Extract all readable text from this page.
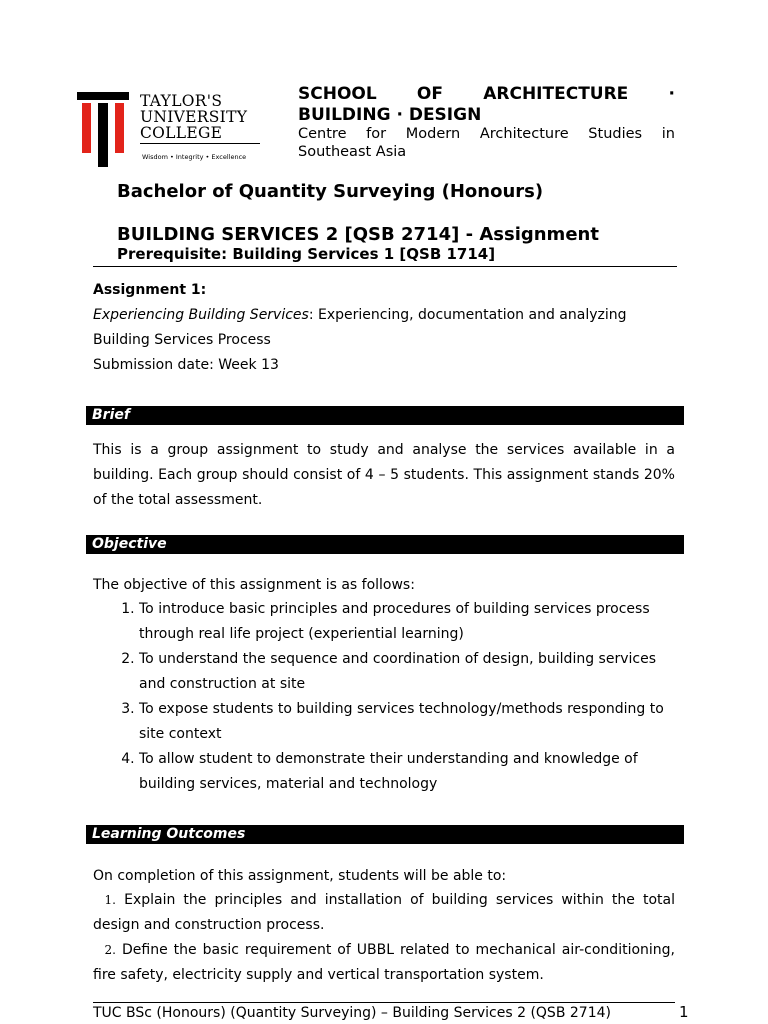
TAYLOR'S
UNIVERSITY
COLLEGE
Wisdom • Integrity • Excellence
SCHOOL OF ARCHITECTURE ·
BUILDING · DESIGN
Centre for Modern Architecture Studies in
Southeast Asia
Bachelor of Quantity Surveying (Honours)
BUILDING SERVICES 2 [QSB 2714] - Assignment
Prerequisite: Building Services 1 [QSB 1714]
Assignment 1:
Experiencing Building Services: Experiencing, documentation and analyzing
Building Services Process
Submission date: Week 13
Brief
This is a group assignment to study and analyse the services available in a building. Each group should consist of 4 – 5 students. This assignment stands 20% of the total assessment.
Objective
The objective of this assignment is as follows:
1. To introduce basic principles and procedures of building services process through real life project (experiential learning)
2. To understand the sequence and coordination of design, building services and construction at site
3. To expose students to building services technology/methods responding to site context
4. To allow student to demonstrate their understanding and knowledge of building services, material and technology
Learning Outcomes
On completion of this assignment, students will be able to:
1. Explain the principles and installation of building services within the total design and construction process.
2. Define the basic requirement of UBBL related to mechanical air-conditioning, fire safety, electricity supply and vertical transportation system.
TUC BSc (Honours) (Quantity Surveying) – Building Services 2 (QSB 2714)	1
